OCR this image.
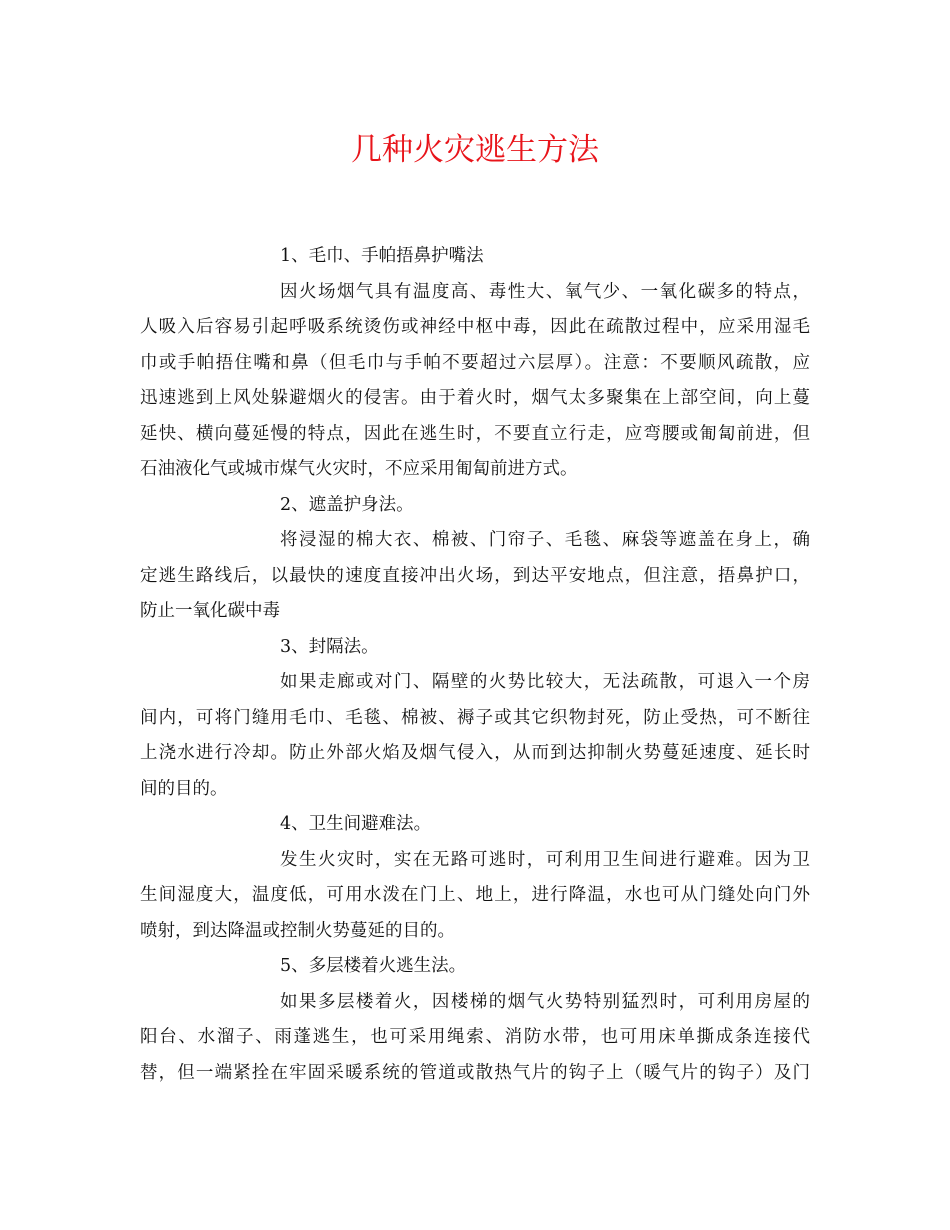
几种火灾逃生方法
1、毛巾、手帕捂鼻护嘴法
因火场烟气具有温度高、毒性大、氧气少、一氧化碳多的特点，
人吸入后容易引起呼吸系统烫伤或神经中枢中毒，因此在疏散过程中，应采用湿毛
巾或手帕捂住嘴和鼻（但毛巾与手帕不要超过六层厚）。注意：不要顺风疏散，应
迅速逃到上风处躲避烟火的侵害。由于着火时，烟气太多聚集在上部空间，向上蔓
延快、横向蔓延慢的特点，因此在逃生时，不要直立行走，应弯腰或匍匐前进，但
石油液化气或城市煤气火灾时，不应采用匍匐前进方式。
2、遮盖护身法。
将浸湿的棉大衣、棉被、门帘子、毛毯、麻袋等遮盖在身上，确
定逃生路线后，以最快的速度直接冲出火场，到达平安地点，但注意，捂鼻护口，
防止一氧化碳中毒
3、封隔法。
如果走廊或对门、隔壁的火势比较大，无法疏散，可退入一个房
间内，可将门缝用毛巾、毛毯、棉被、褥子或其它织物封死，防止受热，可不断往
上浇水进行冷却。防止外部火焰及烟气侵入，从而到达抑制火势蔓延速度、延长时
间的目的。
4、卫生间避难法。
发生火灾时，实在无路可逃时，可利用卫生间进行避难。因为卫
生间湿度大，温度低，可用水泼在门上、地上，进行降温，水也可从门缝处向门外
喷射，到达降温或控制火势蔓延的目的。
5、多层楼着火逃生法。
如果多层楼着火，因楼梯的烟气火势特别猛烈时，可利用房屋的
阳台、水溜子、雨蓬逃生，也可采用绳索、消防水带，也可用床单撕成条连接代
替，但一端紧拴在牢固采暖系统的管道或散热气片的钩子上（暖气片的钩子）及门
